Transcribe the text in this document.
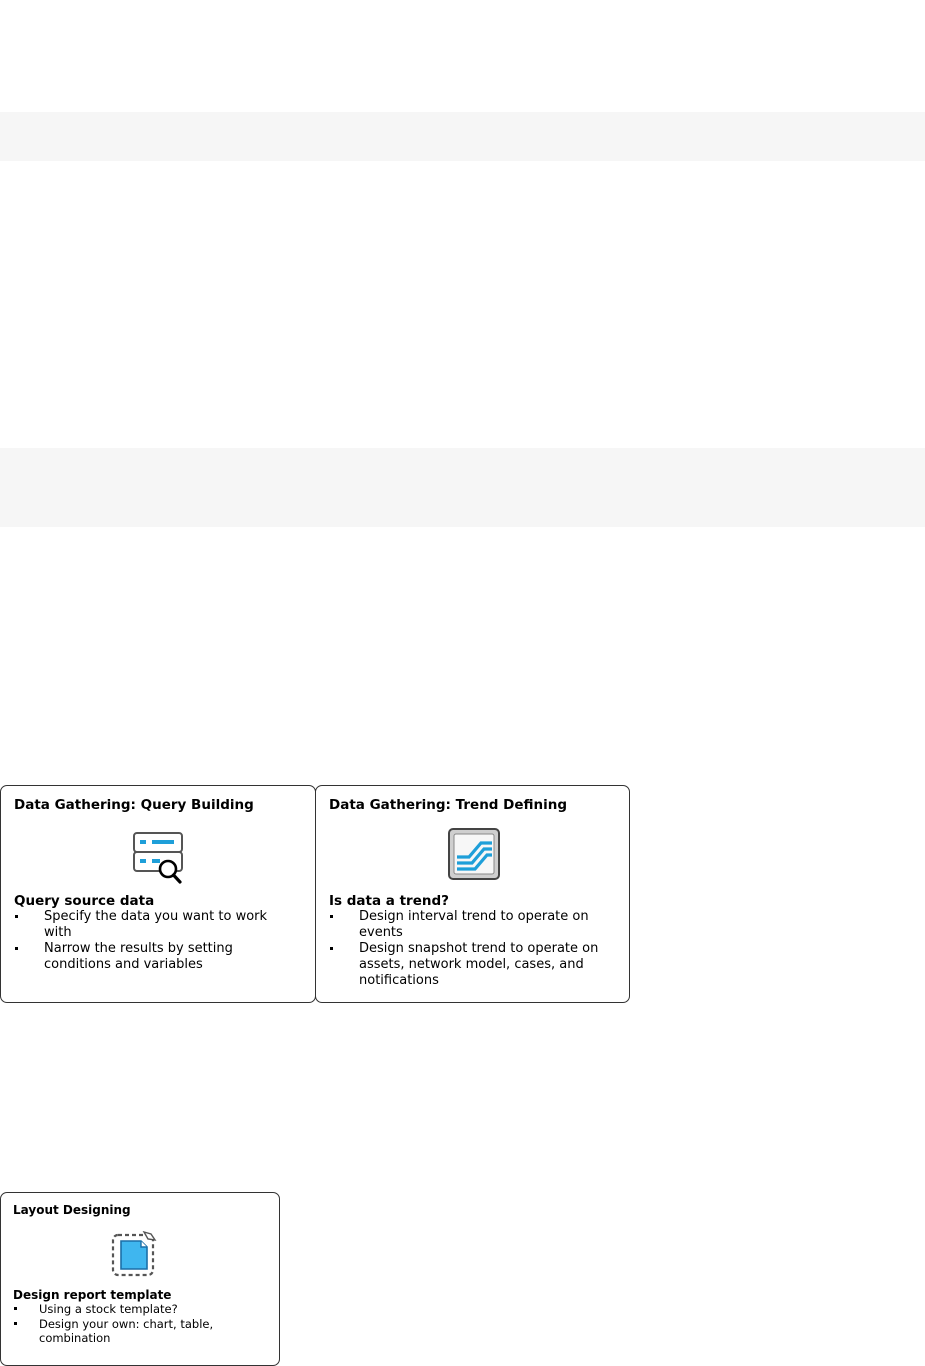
Data Gathering: Query Building
Query source data
Specify the data you want to work with
Narrow the results by setting conditions and variables
Data Gathering: Trend Defining
Is data a trend?
Design interval trend to operate on events
Design snapshot trend to operate on assets, network model, cases, and notifications
Layout Designing
Design report template
Using a stock template?
Design your own: chart, table, combination
